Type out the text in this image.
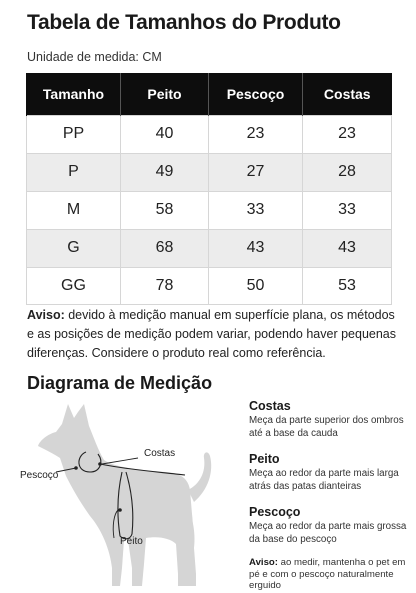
Tabela de Tamanhos do Produto
Unidade de medida: CM
Tamanho	Peito	Pescoço	Costas
PP	40	23	23
P	49	27	28
M	58	33	33
G	68	43	43
GG	78	50	53
Aviso: devido à medição manual em superfície plana, os métodos e as posições de medição podem variar, podendo haver pequenas diferenças. Considere o produto real como referência.
Diagrama de Medição
Costas
Pescoço
Peito
Costas
Meça da parte superior dos ombros até a base da cauda
Peito
Meça ao redor da parte mais larga atrás das patas dianteiras
Pescoço
Meça ao redor da parte mais grossa da base do pescoço
Aviso: ao medir, mantenha o pet em pé e com o pescoço naturalmente erguido
